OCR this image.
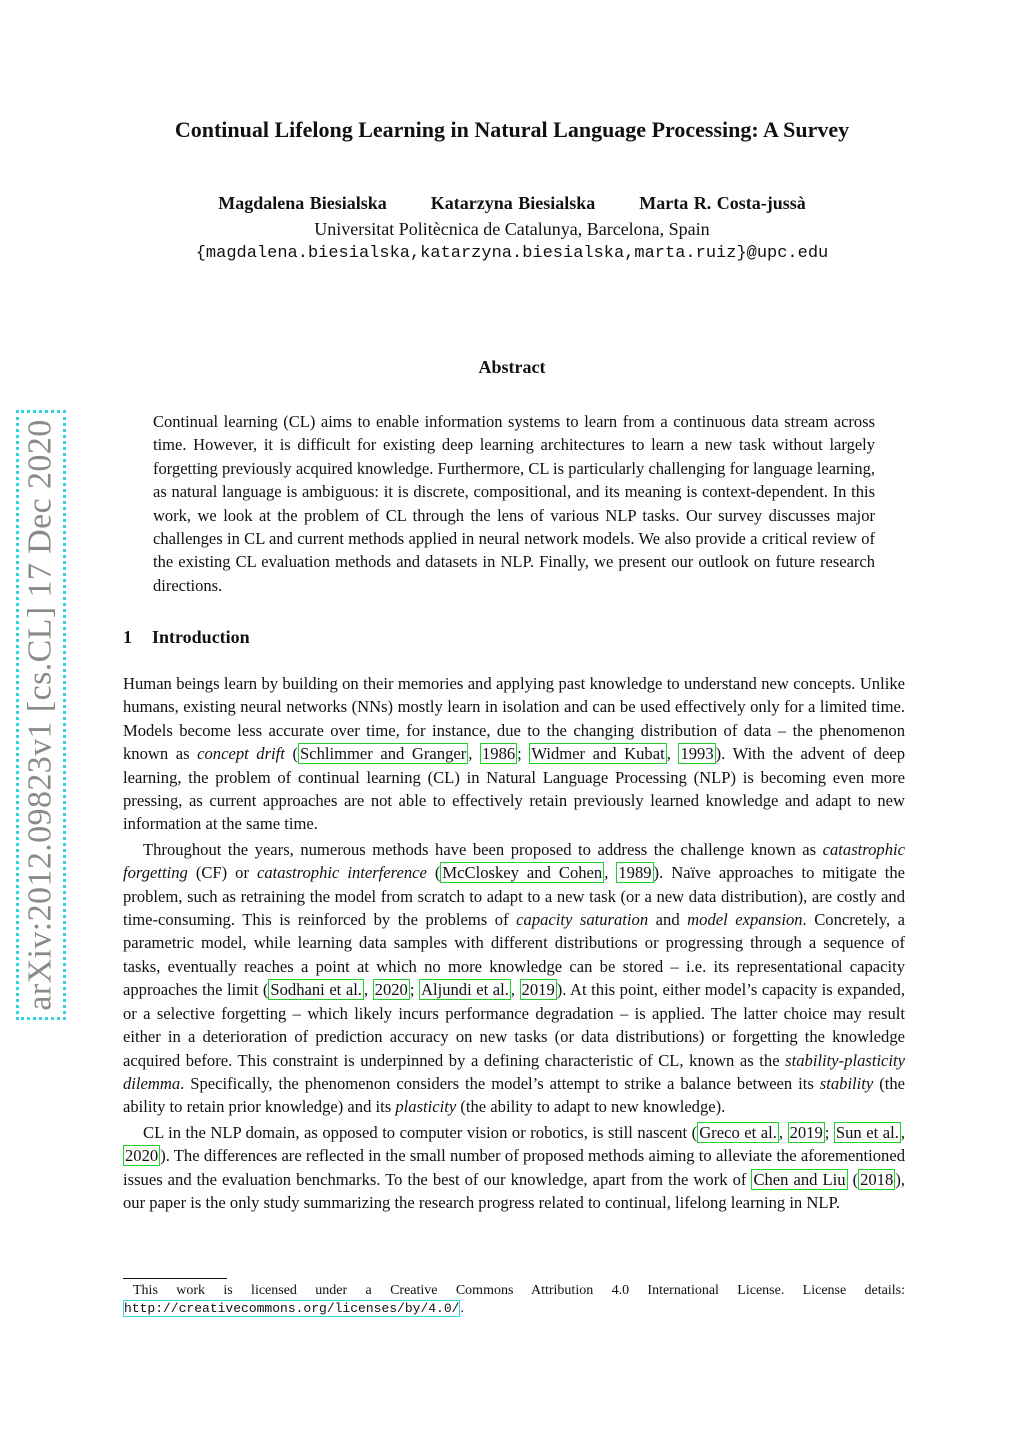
arXiv:2012.09823v1 [cs.CL] 17 Dec 2020
Continual Lifelong Learning in Natural Language Processing: A Survey
Magdalena Biesialska Katarzyna Biesialska Marta R. Costa-jussà
Universitat Politècnica de Catalunya, Barcelona, Spain
{magdalena.biesialska,katarzyna.biesialska,marta.ruiz}@upc.edu
Abstract

Continual learning (CL) aims to enable information systems to learn from a continuous data stream across time. However, it is difficult for existing deep learning architectures to learn a new task without largely forgetting previously acquired knowledge. Furthermore, CL is particularly challenging for language learning, as natural language is ambiguous: it is discrete, compositional, and its meaning is context-dependent. In this work, we look at the problem of CL through the lens of various NLP tasks. Our survey discusses major challenges in CL and current methods applied in neural network models. We also provide a critical review of the existing CL evaluation methods and datasets in NLP. Finally, we present our outlook on future research directions.

1 Introduction

Human beings learn by building on their memories and applying past knowledge to understand new concepts. Unlike humans, existing neural networks (NNs) mostly learn in isolation and can be used effectively only for a limited time. Models become less accurate over time, for instance, due to the changing distribution of data – the phenomenon known as concept drift ( Schlimmer and Granger , 1986 ; Widmer and Kubat , 1993 ). With the advent of deep learning, the problem of continual learning (CL) in Natural Language Processing (NLP) is becoming even more pressing, as current approaches are not able to effectively retain previously learned knowledge and adapt to new information at the same time.

Throughout the years, numerous methods have been proposed to address the challenge known as catastrophic forgetting (CF) or catastrophic interference ( McCloskey and Cohen , 1989 ). Naïve approaches to mitigate the problem, such as retraining the model from scratch to adapt to a new task (or a new data distribution), are costly and time-consuming. This is reinforced by the problems of capacity saturation and model expansion. Concretely, a parametric model, while learning data samples with different distributions or progressing through a sequence of tasks, eventually reaches a point at which no more knowledge can be stored – i.e. its representational capacity approaches the limit ( Sodhani et al. , 2020 ; Aljundi et al. , 2019 ). At this point, either model’s capacity is expanded, or a selective forgetting – which likely incurs performance degradation – is applied. The latter choice may result either in a deterioration of prediction accuracy on new tasks (or data distributions) or forgetting the knowledge acquired before. This constraint is underpinned by a defining characteristic of CL, known as the stability-plasticity dilemma. Specifically, the phenomenon considers the model’s attempt to strike a balance between its stability (the ability to retain prior knowledge) and its plasticity (the ability to adapt to new knowledge).

CL in the NLP domain, as opposed to computer vision or robotics, is still nascent ( Greco et al. , 2019 ; Sun et al. , 2020 ). The differences are reflected in the small number of proposed methods aiming to alleviate the aforementioned issues and the evaluation benchmarks. To the best of our knowledge, apart from the work of Chen and Liu ( 2018 ), our paper is the only study summarizing the research progress related to continual, lifelong learning in NLP.

This work is licensed under a Creative Commons Attribution 4.0 International License. License details:
http://creativecommons.org/licenses/by/4.0/.
